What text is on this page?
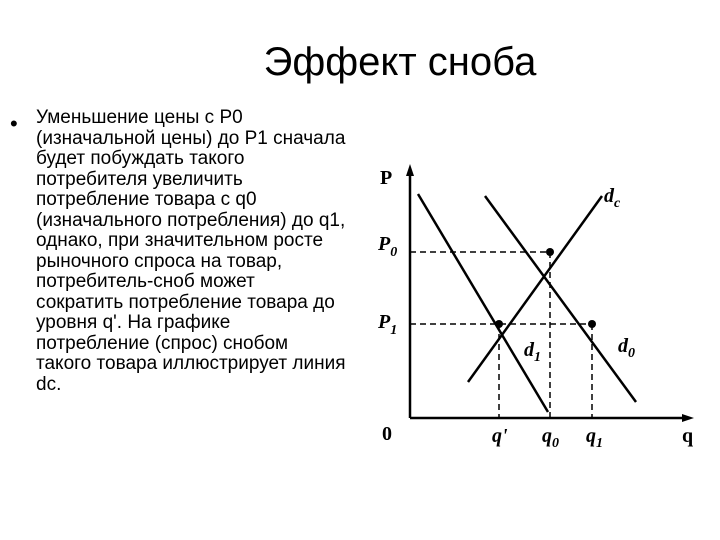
Эффект сноба
• Уменьшение цены с Р0 (изначальной цены) до Р1 сначала будет побуждать такого потребителя увеличить потребление товара с q0 (изначального потребления) до q1, однако, при значительном росте рыночного спроса на товар, потребитель-сноб может сократить потребление товара до уровня q'. На графике потребление (спрос) снобом такого товара иллюстрирует линия dc.
P
q
0
$P_0$
$P_1$
q' $q_0$ $q_1$
$d_c$
$d_1$
$d_0$
